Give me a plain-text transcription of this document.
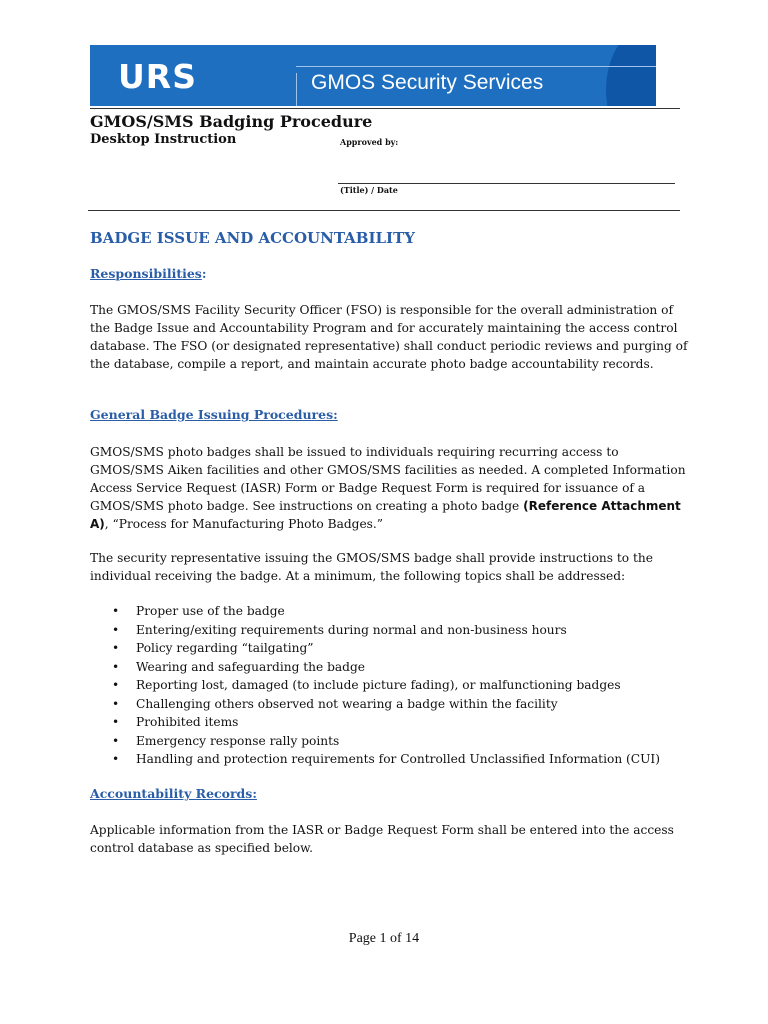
URS	GMOS Security Services
GMOS/SMS Badging Procedure
Desktop Instruction	Approved by:
(Title) / Date
BADGE ISSUE AND ACCOUNTABILITY
Responsibilities:

The GMOS/SMS Facility Security Officer (FSO) is responsible for the overall administration of the Badge Issue and Accountability Program and for accurately maintaining the access control database. The FSO (or designated representative) shall conduct periodic reviews and purging of the database, compile a report, and maintain accurate photo badge accountability records.

General Badge Issuing Procedures:

GMOS/SMS photo badges shall be issued to individuals requiring recurring access to GMOS/SMS Aiken facilities and other GMOS/SMS facilities as needed. A completed Information Access Service Request (IASR) Form or Badge Request Form is required for issuance of a GMOS/SMS photo badge. See instructions on creating a photo badge (Reference Attachment A), “Process for Manufacturing Photo Badges.”

The security representative issuing the GMOS/SMS badge shall provide instructions to the individual receiving the badge. At a minimum, the following topics shall be addressed:

• Proper use of the badge
• Entering/exiting requirements during normal and non-business hours
• Policy regarding “tailgating”
• Wearing and safeguarding the badge
• Reporting lost, damaged (to include picture fading), or malfunctioning badges
• Challenging others observed not wearing a badge within the facility
• Prohibited items
• Emergency response rally points
• Handling and protection requirements for Controlled Unclassified Information (CUI)
Accountability Records:

Applicable information from the IASR or Badge Request Form shall be entered into the access control database as specified below.

Page 1 of 14
